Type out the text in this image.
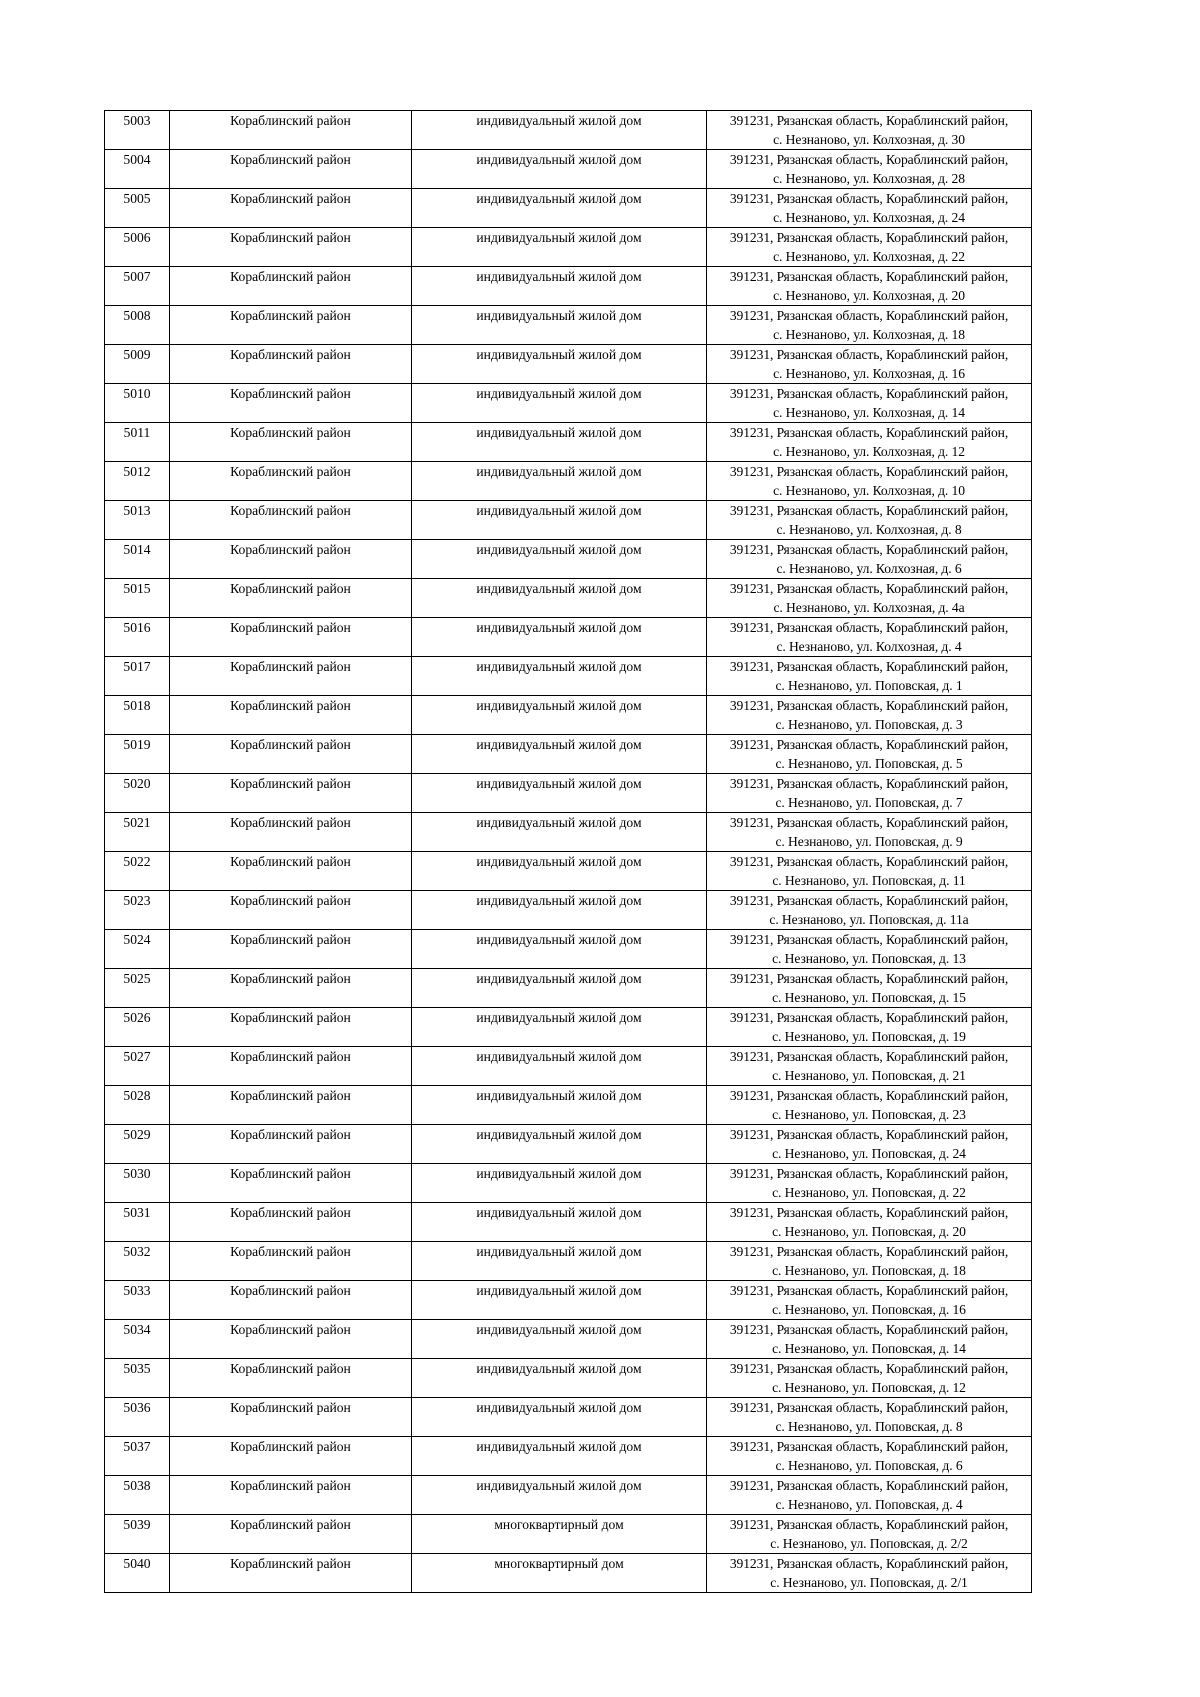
5003	Кораблинский район	индивидуальный жилой дом	391231, Рязанская область, Кораблинский район,
с. Незнаново, ул. Колхозная, д. 30

5004	Кораблинский район	индивидуальный жилой дом	391231, Рязанская область, Кораблинский район,
с. Незнаново, ул. Колхозная, д. 28

5005	Кораблинский район	индивидуальный жилой дом	391231, Рязанская область, Кораблинский район,
с. Незнаново, ул. Колхозная, д. 24

5006	Кораблинский район	индивидуальный жилой дом	391231, Рязанская область, Кораблинский район,
с. Незнаново, ул. Колхозная, д. 22

5007	Кораблинский район	индивидуальный жилой дом	391231, Рязанская область, Кораблинский район,
с. Незнаново, ул. Колхозная, д. 20

5008	Кораблинский район	индивидуальный жилой дом	391231, Рязанская область, Кораблинский район,
с. Незнаново, ул. Колхозная, д. 18

5009	Кораблинский район	индивидуальный жилой дом	391231, Рязанская область, Кораблинский район,
с. Незнаново, ул. Колхозная, д. 16

5010	Кораблинский район	индивидуальный жилой дом	391231, Рязанская область, Кораблинский район,
с. Незнаново, ул. Колхозная, д. 14

5011	Кораблинский район	индивидуальный жилой дом	391231, Рязанская область, Кораблинский район,
с. Незнаново, ул. Колхозная, д. 12

5012	Кораблинский район	индивидуальный жилой дом	391231, Рязанская область, Кораблинский район,
с. Незнаново, ул. Колхозная, д. 10

5013	Кораблинский район	индивидуальный жилой дом	391231, Рязанская область, Кораблинский район,
с. Незнаново, ул. Колхозная, д. 8

5014	Кораблинский район	индивидуальный жилой дом	391231, Рязанская область, Кораблинский район,
с. Незнаново, ул. Колхозная, д. 6

5015	Кораблинский район	индивидуальный жилой дом	391231, Рязанская область, Кораблинский район,
с. Незнаново, ул. Колхозная, д. 4а

5016	Кораблинский район	индивидуальный жилой дом	391231, Рязанская область, Кораблинский район,
с. Незнаново, ул. Колхозная, д. 4

5017	Кораблинский район	индивидуальный жилой дом	391231, Рязанская область, Кораблинский район,
с. Незнаново, ул. Поповская, д. 1

5018	Кораблинский район	индивидуальный жилой дом	391231, Рязанская область, Кораблинский район,
с. Незнаново, ул. Поповская, д. 3

5019	Кораблинский район	индивидуальный жилой дом	391231, Рязанская область, Кораблинский район,
с. Незнаново, ул. Поповская, д. 5

5020	Кораблинский район	индивидуальный жилой дом	391231, Рязанская область, Кораблинский район,
с. Незнаново, ул. Поповская, д. 7

5021	Кораблинский район	индивидуальный жилой дом	391231, Рязанская область, Кораблинский район,
с. Незнаново, ул. Поповская, д. 9

5022	Кораблинский район	индивидуальный жилой дом	391231, Рязанская область, Кораблинский район,
с. Незнаново, ул. Поповская, д. 11

5023	Кораблинский район	индивидуальный жилой дом	391231, Рязанская область, Кораблинский район,
с. Незнаново, ул. Поповская, д. 11а

5024	Кораблинский район	индивидуальный жилой дом	391231, Рязанская область, Кораблинский район,
с. Незнаново, ул. Поповская, д. 13

5025	Кораблинский район	индивидуальный жилой дом	391231, Рязанская область, Кораблинский район,
с. Незнаново, ул. Поповская, д. 15

5026	Кораблинский район	индивидуальный жилой дом	391231, Рязанская область, Кораблинский район,
с. Незнаново, ул. Поповская, д. 19

5027	Кораблинский район	индивидуальный жилой дом	391231, Рязанская область, Кораблинский район,
с. Незнаново, ул. Поповская, д. 21

5028	Кораблинский район	индивидуальный жилой дом	391231, Рязанская область, Кораблинский район,
с. Незнаново, ул. Поповская, д. 23

5029	Кораблинский район	индивидуальный жилой дом	391231, Рязанская область, Кораблинский район,
с. Незнаново, ул. Поповская, д. 24

5030	Кораблинский район	индивидуальный жилой дом	391231, Рязанская область, Кораблинский район,
с. Незнаново, ул. Поповская, д. 22

5031	Кораблинский район	индивидуальный жилой дом	391231, Рязанская область, Кораблинский район,
с. Незнаново, ул. Поповская, д. 20

5032	Кораблинский район	индивидуальный жилой дом	391231, Рязанская область, Кораблинский район,
с. Незнаново, ул. Поповская, д. 18

5033	Кораблинский район	индивидуальный жилой дом	391231, Рязанская область, Кораблинский район,
с. Незнаново, ул. Поповская, д. 16

5034	Кораблинский район	индивидуальный жилой дом	391231, Рязанская область, Кораблинский район,
с. Незнаново, ул. Поповская, д. 14

5035	Кораблинский район	индивидуальный жилой дом	391231, Рязанская область, Кораблинский район,
с. Незнаново, ул. Поповская, д. 12

5036	Кораблинский район	индивидуальный жилой дом	391231, Рязанская область, Кораблинский район,
с. Незнаново, ул. Поповская, д. 8

5037	Кораблинский район	индивидуальный жилой дом	391231, Рязанская область, Кораблинский район,
с. Незнаново, ул. Поповская, д. 6

5038	Кораблинский район	индивидуальный жилой дом	391231, Рязанская область, Кораблинский район,
с. Незнаново, ул. Поповская, д. 4

5039	Кораблинский район	многоквартирный дом	391231, Рязанская область, Кораблинский район,
с. Незнаново, ул. Поповская, д. 2/2

5040	Кораблинский район	многоквартирный дом	391231, Рязанская область, Кораблинский район,
с. Незнаново, ул. Поповская, д. 2/1
